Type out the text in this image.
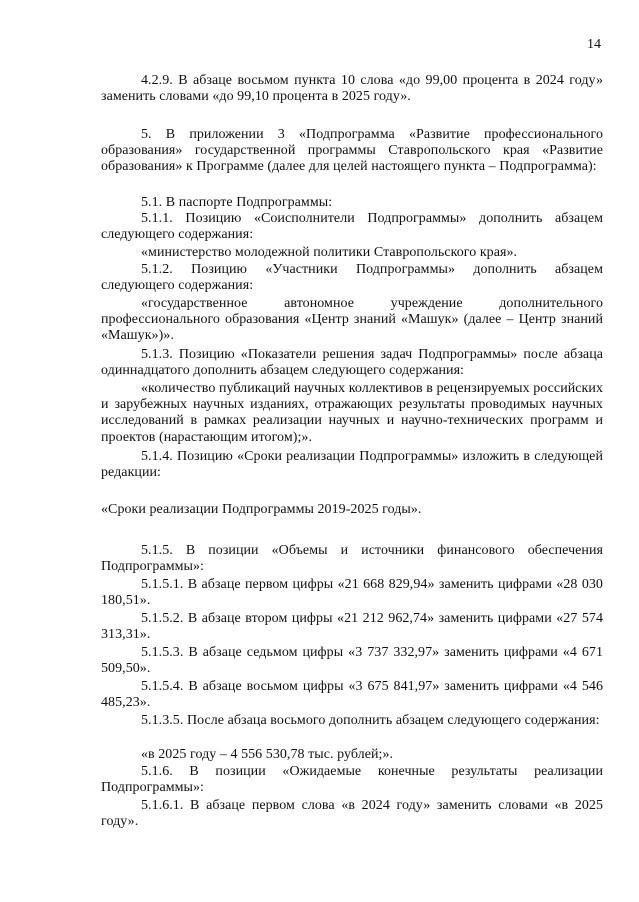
14

4.2.9. В абзаце восьмом пункта 10 слова «до 99,00 процента в 2024 году» заменить словами «до 99,10 процента в 2025 году».

5. В приложении 3 «Подпрограмма «Развитие профессионального образования» государственной программы Ставропольского края «Развитие образования» к Программе (далее для целей настоящего пункта – Подпрограмма):

5.1. В паспорте Подпрограммы:

5.1.1. Позицию «Соисполнители Подпрограммы» дополнить абзацем следующего содержания:

«министерство молодежной политики Ставропольского края».

5.1.2. Позицию «Участники Подпрограммы» дополнить абзацем следующего содержания:

«государственное автономное учреждение дополнительного профессионального образования «Центр знаний «Машук» (далее – Центр знаний «Машук»)».

5.1.3. Позицию «Показатели решения задач Подпрограммы» после абзаца одиннадцатого дополнить абзацем следующего содержания:

«количество публикаций научных коллективов в рецензируемых российских и зарубежных научных изданиях, отражающих результаты проводимых научных исследований в рамках реализации научных и научно-технических программ и проектов (нарастающим итогом);».

5.1.4. Позицию «Сроки реализации Подпрограммы» изложить в следующей редакции:

«Сроки реализации Подпрограммы 2019-2025 годы».

5.1.5. В позиции «Объемы и источники финансового обеспечения Подпрограммы»:

5.1.5.1. В абзаце первом цифры «21 668 829,94» заменить цифрами «28 030 180,51».

5.1.5.2. В абзаце втором цифры «21 212 962,74» заменить цифрами «27 574 313,31».

5.1.5.3. В абзаце седьмом цифры «3 737 332,97» заменить цифрами «4 671 509,50».

5.1.5.4. В абзаце восьмом цифры «3 675 841,97» заменить цифрами «4 546 485,23».

5.1.3.5. После абзаца восьмого дополнить абзацем следующего содержания:

«в 2025 году – 4 556 530,78 тыс. рублей;».

5.1.6. В позиции «Ожидаемые конечные результаты реализации Подпрограммы»:

5.1.6.1. В абзаце первом слова «в 2024 году» заменить словами «в 2025 году».
